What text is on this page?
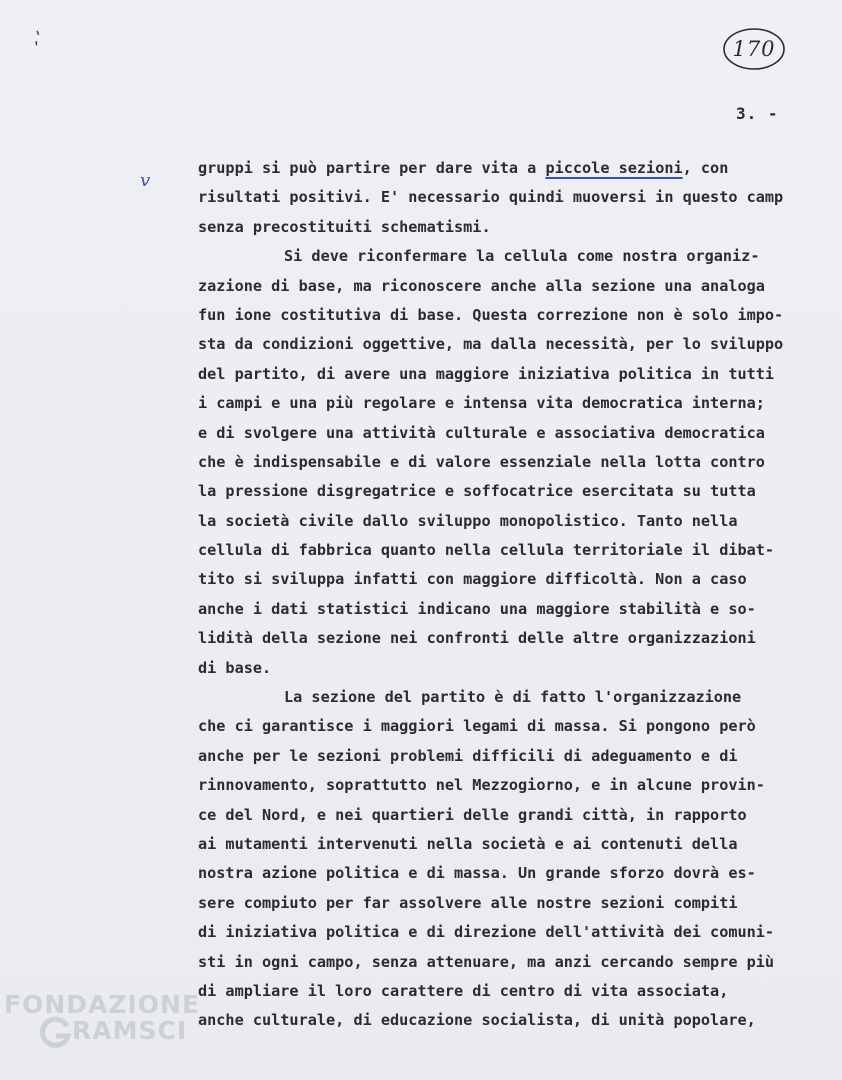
,'	170
3. -
v
gruppi si può partire per dare vita a piccole sezioni, con
risultati positivi. E' necessario quindi muoversi in questo camp
senza precostituiti schematismi.
Si deve riconfermare la cellula come nostra organiz-
zazione di base, ma riconoscere anche alla sezione una analoga
fun ione costitutiva di base. Questa correzione non è solo impo-
sta da condizioni oggettive, ma dalla necessità, per lo sviluppo
del partito, di avere una maggiore iniziativa politica in tutti
i campi e una più regolare e intensa vita democratica interna;
e di svolgere una attività culturale e associativa democratica
che è indispensabile e di valore essenziale nella lotta contro
la pressione disgregatrice e soffocatrice esercitata su tutta
la società civile dallo sviluppo monopolistico. Tanto nella
cellula di fabbrica quanto nella cellula territoriale il dibat-
tito si sviluppa infatti con maggiore difficoltà. Non a caso
anche i dati statistici indicano una maggiore stabilità e so-
lidità della sezione nei confronti delle altre organizzazioni
di base.
La sezione del partito è di fatto l'organizzazione
che ci garantisce i maggiori legami di massa. Si pongono però
anche per le sezioni problemi difficili di adeguamento e di
rinnovamento, soprattutto nel Mezzogiorno, e in alcune provin-
ce del Nord, e nei quartieri delle grandi città, in rapporto
ai mutamenti intervenuti nella società e ai contenuti della
nostra azione politica e di massa. Un grande sforzo dovrà es-
sere compiuto per far assolvere alle nostre sezioni compiti
di iniziativa politica e di direzione dell'attività dei comuni-
sti in ogni campo, senza attenuare, ma anzi cercando sempre più
di ampliare il loro carattere di centro di vita associata,
anche culturale, di educazione socialista, di unità popolare,
FONDAZIONE
RAMSCI
